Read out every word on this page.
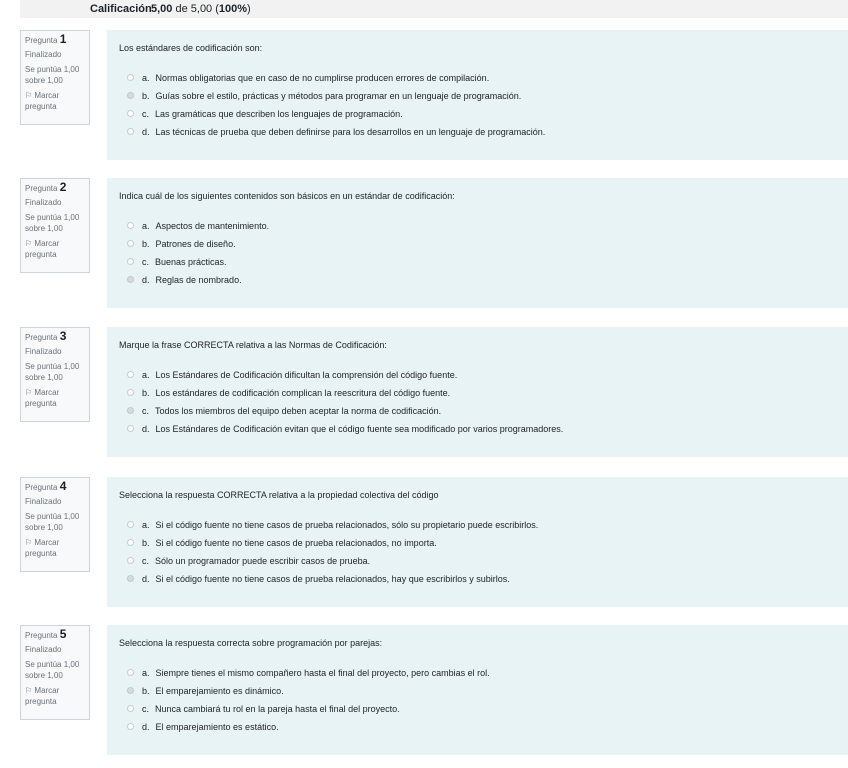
Calificación 5,00 de 5,00 (100%)
Pregunta 1
Finalizado
Se puntúa 1,00
sobre 1,00
⚐ Marcar
pregunta
Los estándares de codificación son:
a. Normas obligatorias que en caso de no cumplirse producen errores de compilación.
b. Guías sobre el estilo, prácticas y métodos para programar en un lenguaje de programación.
c. Las gramáticas que describen los lenguajes de programación.
d. Las técnicas de prueba que deben definirse para los desarrollos en un lenguaje de programación.
Pregunta 2
Finalizado
Se puntúa 1,00
sobre 1,00
⚐ Marcar
pregunta
Indica cuál de los siguientes contenidos son básicos en un estándar de codificación:
a. Aspectos de mantenimiento.
b. Patrones de diseño.
c. Buenas prácticas.
d. Reglas de nombrado.
Pregunta 3
Finalizado
Se puntúa 1,00
sobre 1,00
⚐ Marcar
pregunta
Marque la frase CORRECTA relativa a las Normas de Codificación:
a. Los Estándares de Codificación dificultan la comprensión del código fuente.
b. Los estándares de codificación complican la reescritura del código fuente.
c. Todos los miembros del equipo deben aceptar la norma de codificación.
d. Los Estándares de Codificación evitan que el código fuente sea modificado por varios programadores.
Pregunta 4
Finalizado
Se puntúa 1,00
sobre 1,00
⚐ Marcar
pregunta
Selecciona la respuesta CORRECTA relativa a la propiedad colectiva del código
a. Si el código fuente no tiene casos de prueba relacionados, sólo su propietario puede escribirlos.
b. Si el código fuente no tiene casos de prueba relacionados, no importa.
c. Sólo un programador puede escribir casos de prueba.
d. Si el código fuente no tiene casos de prueba relacionados, hay que escribirlos y subirlos.
Pregunta 5
Finalizado
Se puntúa 1,00
sobre 1,00
⚐ Marcar
pregunta
Selecciona la respuesta correcta sobre programación por parejas:
a. Siempre tienes el mismo compañero hasta el final del proyecto, pero cambias el rol.
b. El emparejamiento es dinámico.
c. Nunca cambiará tu rol en la pareja hasta el final del proyecto.
d. El emparejamiento es estático.
